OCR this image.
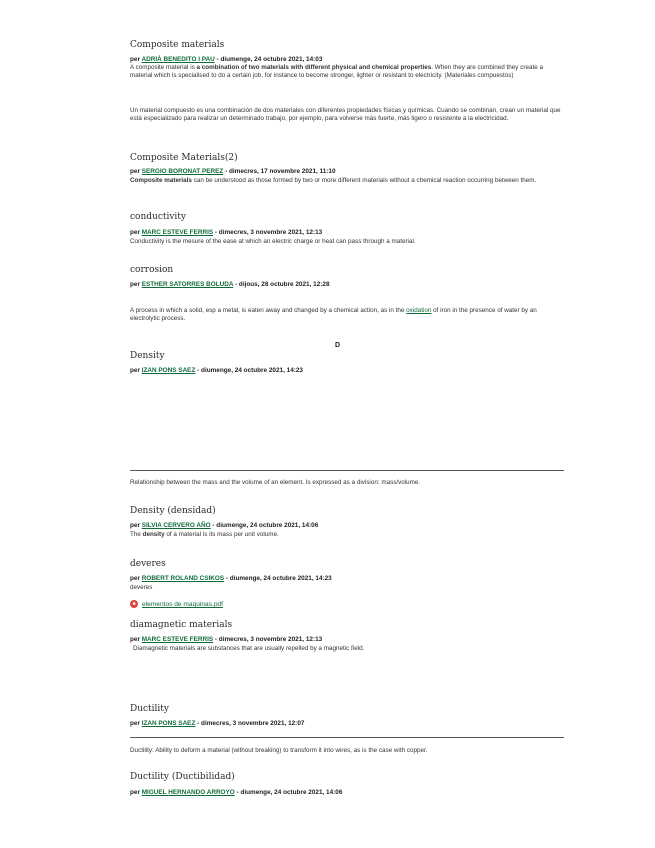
Composite materials
per ADRIÀ BENEDITO I PAU - diumenge, 24 octubre 2021, 14:03
A composite material is a combination of two materials with different physical and chemical properties. When they are combined they create a material which is specialised to do a certain job, for instance to become stronger, lighter or resistant to electricity. (Materiales compuestos)
Un material compuesto es una combinación de dos materiales con diferentes propiedades físicas y químicas. Cuando se combinan, crean un material que está especializado para realizar un determinado trabajo, por ejemplo, para volverse más fuerte, más ligero o resistente a la electricidad.
Composite Materials(2)
per SERGIO BORONAT PEREZ - dimecres, 17 novembre 2021, 11:10
Composite materials can be understood as those formed by two or more different materials without a chemical reaction occurring between them.
conductivity
per MARC ESTEVE FERRIS - dimecres, 3 novembre 2021, 12:13
Conductivity is the mesure of the ease at which an electric charge or heat can pass through a material.
corrosion
per ESTHER SATORRES BOLUDA - dijous, 28 octubre 2021, 12:28
A process in which a solid, esp a metal, is eaten away and changed by a chemical action, as in the oxidation of iron in the presence of water by an electrolytic process.
D
Density
per IZAN PONS SAEZ - diumenge, 24 octubre 2021, 14:23
Relationship between the mass and the volume of an element. Is expressed as a division: mass/volume.
Density (densidad)
per SILVIA CERVERO AÑO - diumenge, 24 octubre 2021, 14:06
The density of a material is its mass per unit volume.
deveres
per ROBERT ROLAND CSIKOS - diumenge, 24 octubre 2021, 14:23
deveres
■ elementos de maquinas.pdf
diamagnetic materials
per MARC ESTEVE FERRIS - dimecres, 3 novembre 2021, 12:13
Diamagnetic materials are substances that are usually repelled by a magnetic field.
Ductility
per IZAN PONS SAEZ - dimecres, 3 novembre 2021, 12:07
Ductility: Ability to deform a material (without breaking) to transform it into wires, as is the case with copper.
Ductility (Ductibilidad)
per MIGUEL HERNANDO ARROYO - diumenge, 24 octubre 2021, 14:06
